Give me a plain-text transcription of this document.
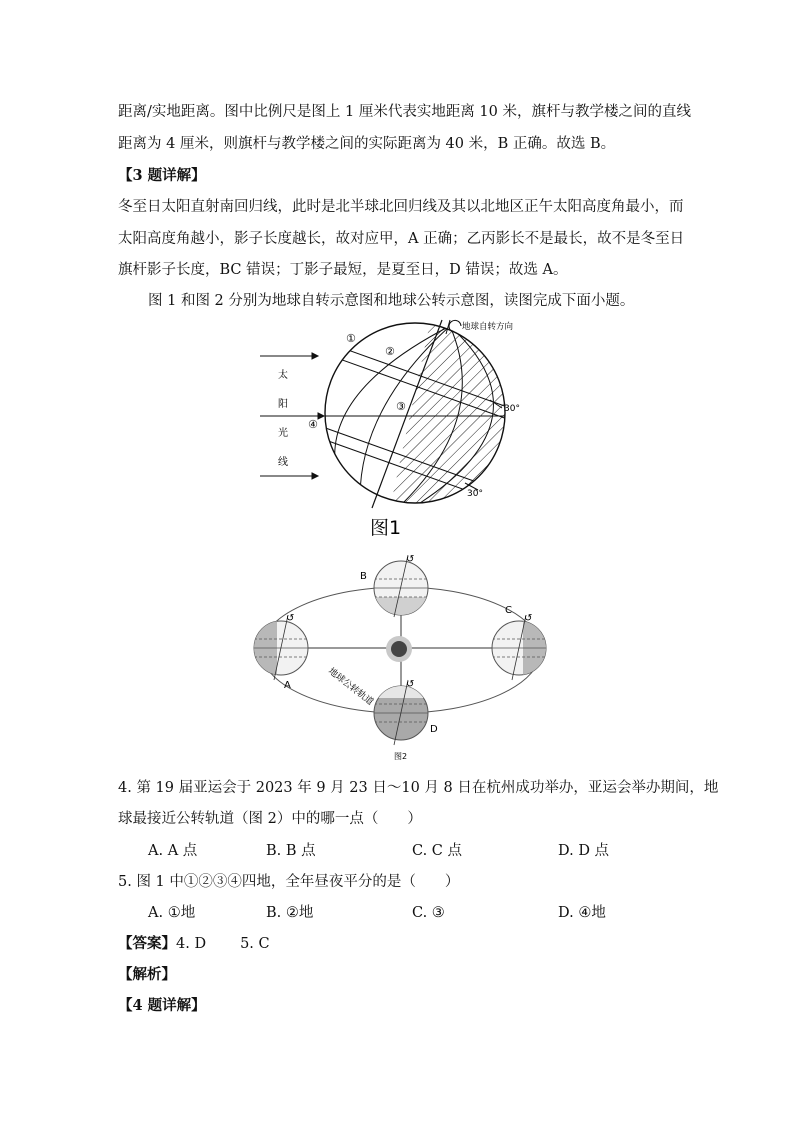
距离/实地距离。图中比例尺是图上 1 厘米代表实地距离 10 米，旗杆与教学楼之间的直线
距离为 4 厘米，则旗杆与教学楼之间的实际距离为 40 米，B 正确。故选 B。
【3 题详解】
冬至日太阳直射南回归线，此时是北半球北回归线及其以北地区正午太阳高度角最小，而
太阳高度角越小，影子长度越长，故对应甲，A 正确；乙丙影长不是最长，故不是冬至日
旗杆影子长度，BC 错误；丁影子最短，是夏至日，D 错误；故选 A。
图 1 和图 2 分别为地球自转示意图和地球公转示意图，读图完成下面小题。
太
阳
光
线
地球自转方向
①
②
③
④
30°
30°
图1
↺
↺
↺
↺
A
B
C
D
地球公转轨道
图2
4. 第 19 届亚运会于 2023 年 9 月 23 日～10 月 8 日在杭州成功举办，亚运会举办期间，地
球最接近公转轨道（图 2）中的哪一点（　　）
A. A 点	B. B 点	C. C 点	D. D 点
5. 图 1 中①②③④四地，全年昼夜平分的是（　　）
A. ①地	B. ②地	C. ③	D. ④地
【答案】4. D 5. C
【解析】
【4 题详解】
